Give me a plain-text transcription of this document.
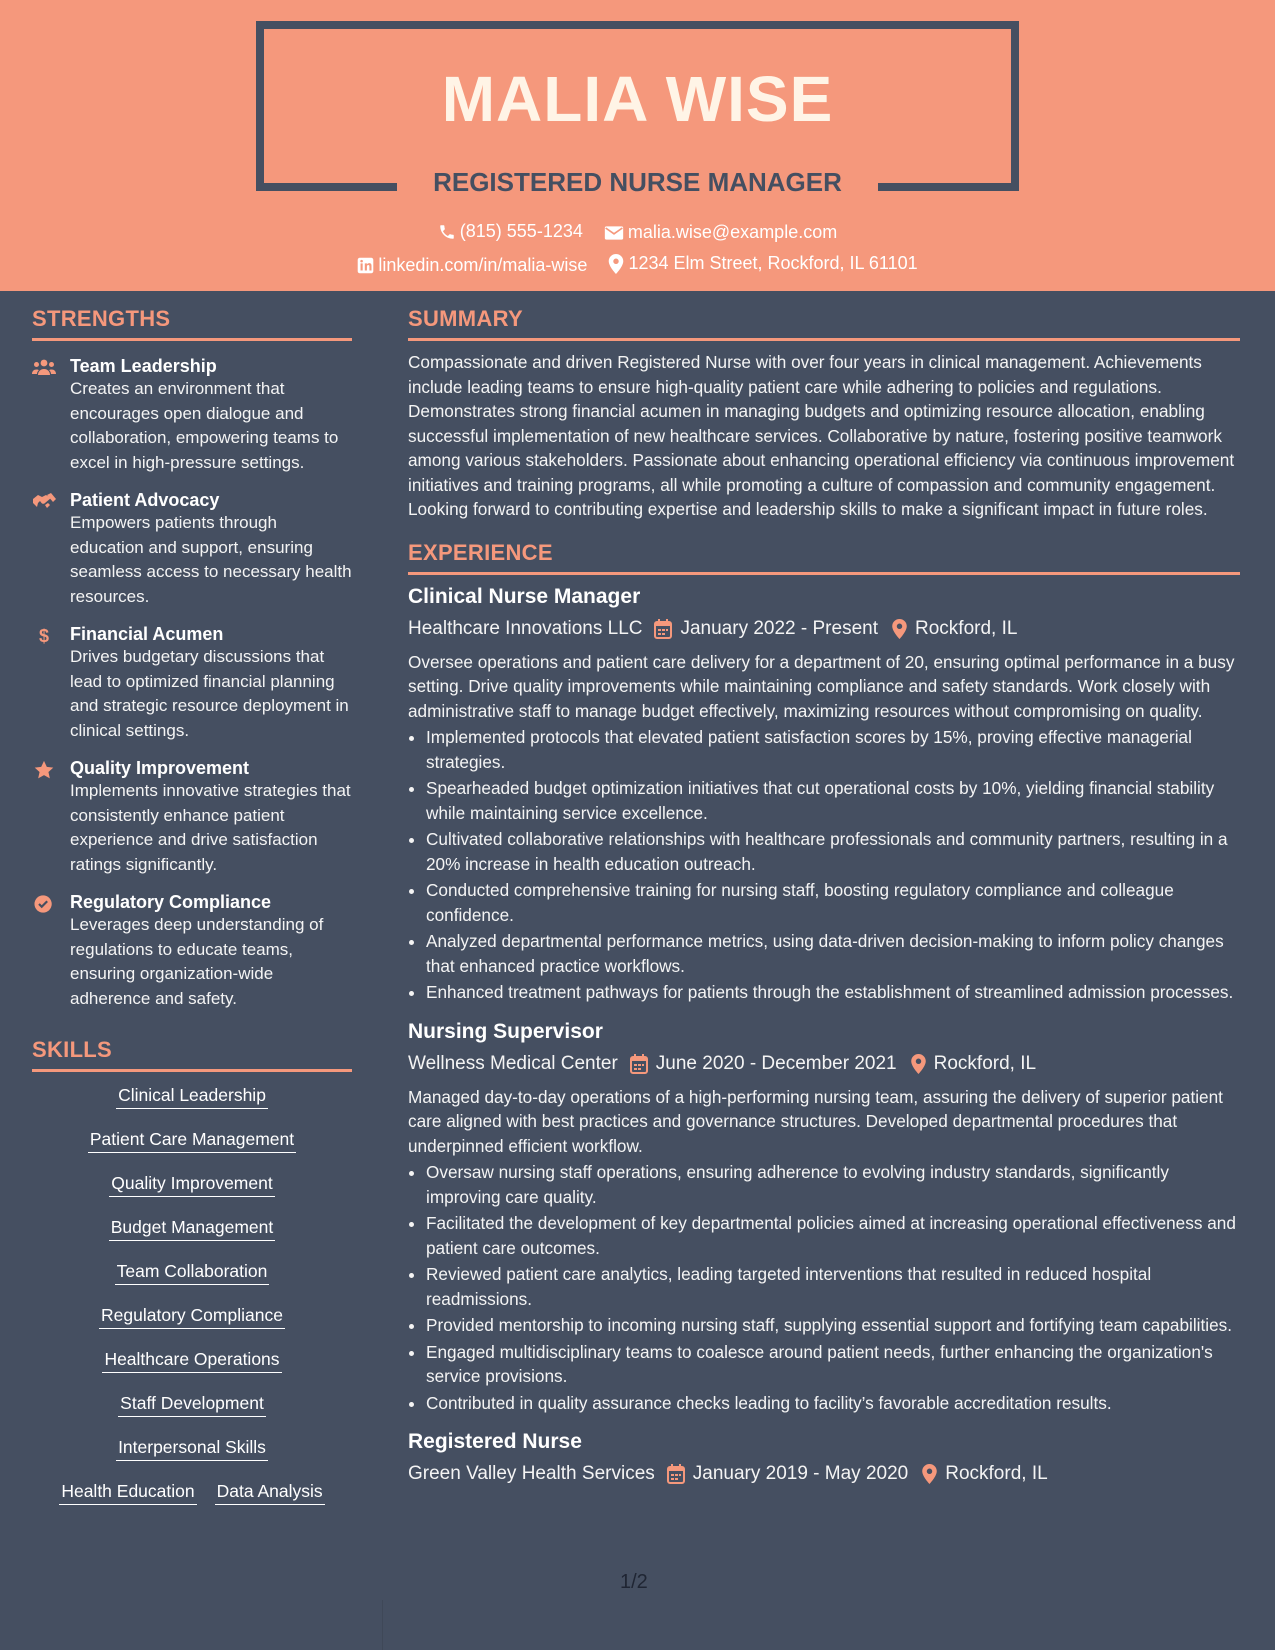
MALIA WISE
REGISTERED NURSE MANAGER
(815) 555-1234
	malia.wise@example.com
linkedin.com/in/malia-wise
1234 Elm Street, Rockford, IL 61101
STRENGTHS
Team Leadership
Creates an environment that encourages open dialogue and collaboration, empowering teams to excel in high-pressure settings.
Patient Advocacy
Empowers patients through education and support, ensuring seamless access to necessary health resources.
$ Financial Acumen
Drives budgetary discussions that lead to optimized financial planning and strategic resource deployment in clinical settings.
Quality Improvement
Implements innovative strategies that consistently enhance patient experience and drive satisfaction ratings significantly.
Regulatory Compliance
Leverages deep understanding of regulations to educate teams, ensuring organization-wide adherence and safety.
SKILLS
Clinical Leadership
Patient Care Management
Quality Improvement
Budget Management
Team Collaboration
Regulatory Compliance
Healthcare Operations
Staff Development
Interpersonal Skills
Health Education Data Analysis
SUMMARY
Compassionate and driven Registered Nurse with over four years in clinical management. Achievements include leading teams to ensure high-quality patient care while adhering to policies and regulations. Demonstrates strong financial acumen in managing budgets and optimizing resource allocation, enabling successful implementation of new healthcare services. Collaborative by nature, fostering positive teamwork among various stakeholders. Passionate about enhancing operational efficiency via continuous improvement initiatives and training programs, all while promoting a culture of compassion and community engagement. Looking forward to contributing expertise and leadership skills to make a significant impact in future roles.
EXPERIENCE
Clinical Nurse Manager
Healthcare Innovations LLC January 2022 - Present Rockford, IL
Oversee operations and patient care delivery for a department of 20, ensuring optimal performance in a busy setting. Drive quality improvements while maintaining compliance and safety standards. Work closely with administrative staff to manage budget effectively, maximizing resources without compromising on quality.
• Implemented protocols that elevated patient satisfaction scores by 15%, proving effective managerial strategies.
• Spearheaded budget optimization initiatives that cut operational costs by 10%, yielding financial stability while maintaining service excellence.
• Cultivated collaborative relationships with healthcare professionals and community partners, resulting in a 20% increase in health education outreach.
• Conducted comprehensive training for nursing staff, boosting regulatory compliance and colleague confidence.
• Analyzed departmental performance metrics, using data-driven decision-making to inform policy changes that enhanced practice workflows.
• Enhanced treatment pathways for patients through the establishment of streamlined admission processes.
Nursing Supervisor
Wellness Medical Center June 2020 - December 2021 Rockford, IL
Managed day-to-day operations of a high-performing nursing team, assuring the delivery of superior patient care aligned with best practices and governance structures. Developed departmental procedures that underpinned efficient workflow.
• Oversaw nursing staff operations, ensuring adherence to evolving industry standards, significantly improving care quality.
• Facilitated the development of key departmental policies aimed at increasing operational effectiveness and patient care outcomes.
• Reviewed patient care analytics, leading targeted interventions that resulted in reduced hospital readmissions.
• Provided mentorship to incoming nursing staff, supplying essential support and fortifying team capabilities.
• Engaged multidisciplinary teams to coalesce around patient needs, further enhancing the organization's service provisions.
• Contributed in quality assurance checks leading to facility’s favorable accreditation results.
Registered Nurse
Green Valley Health Services January 2019 - May 2020 Rockford, IL
1/2
